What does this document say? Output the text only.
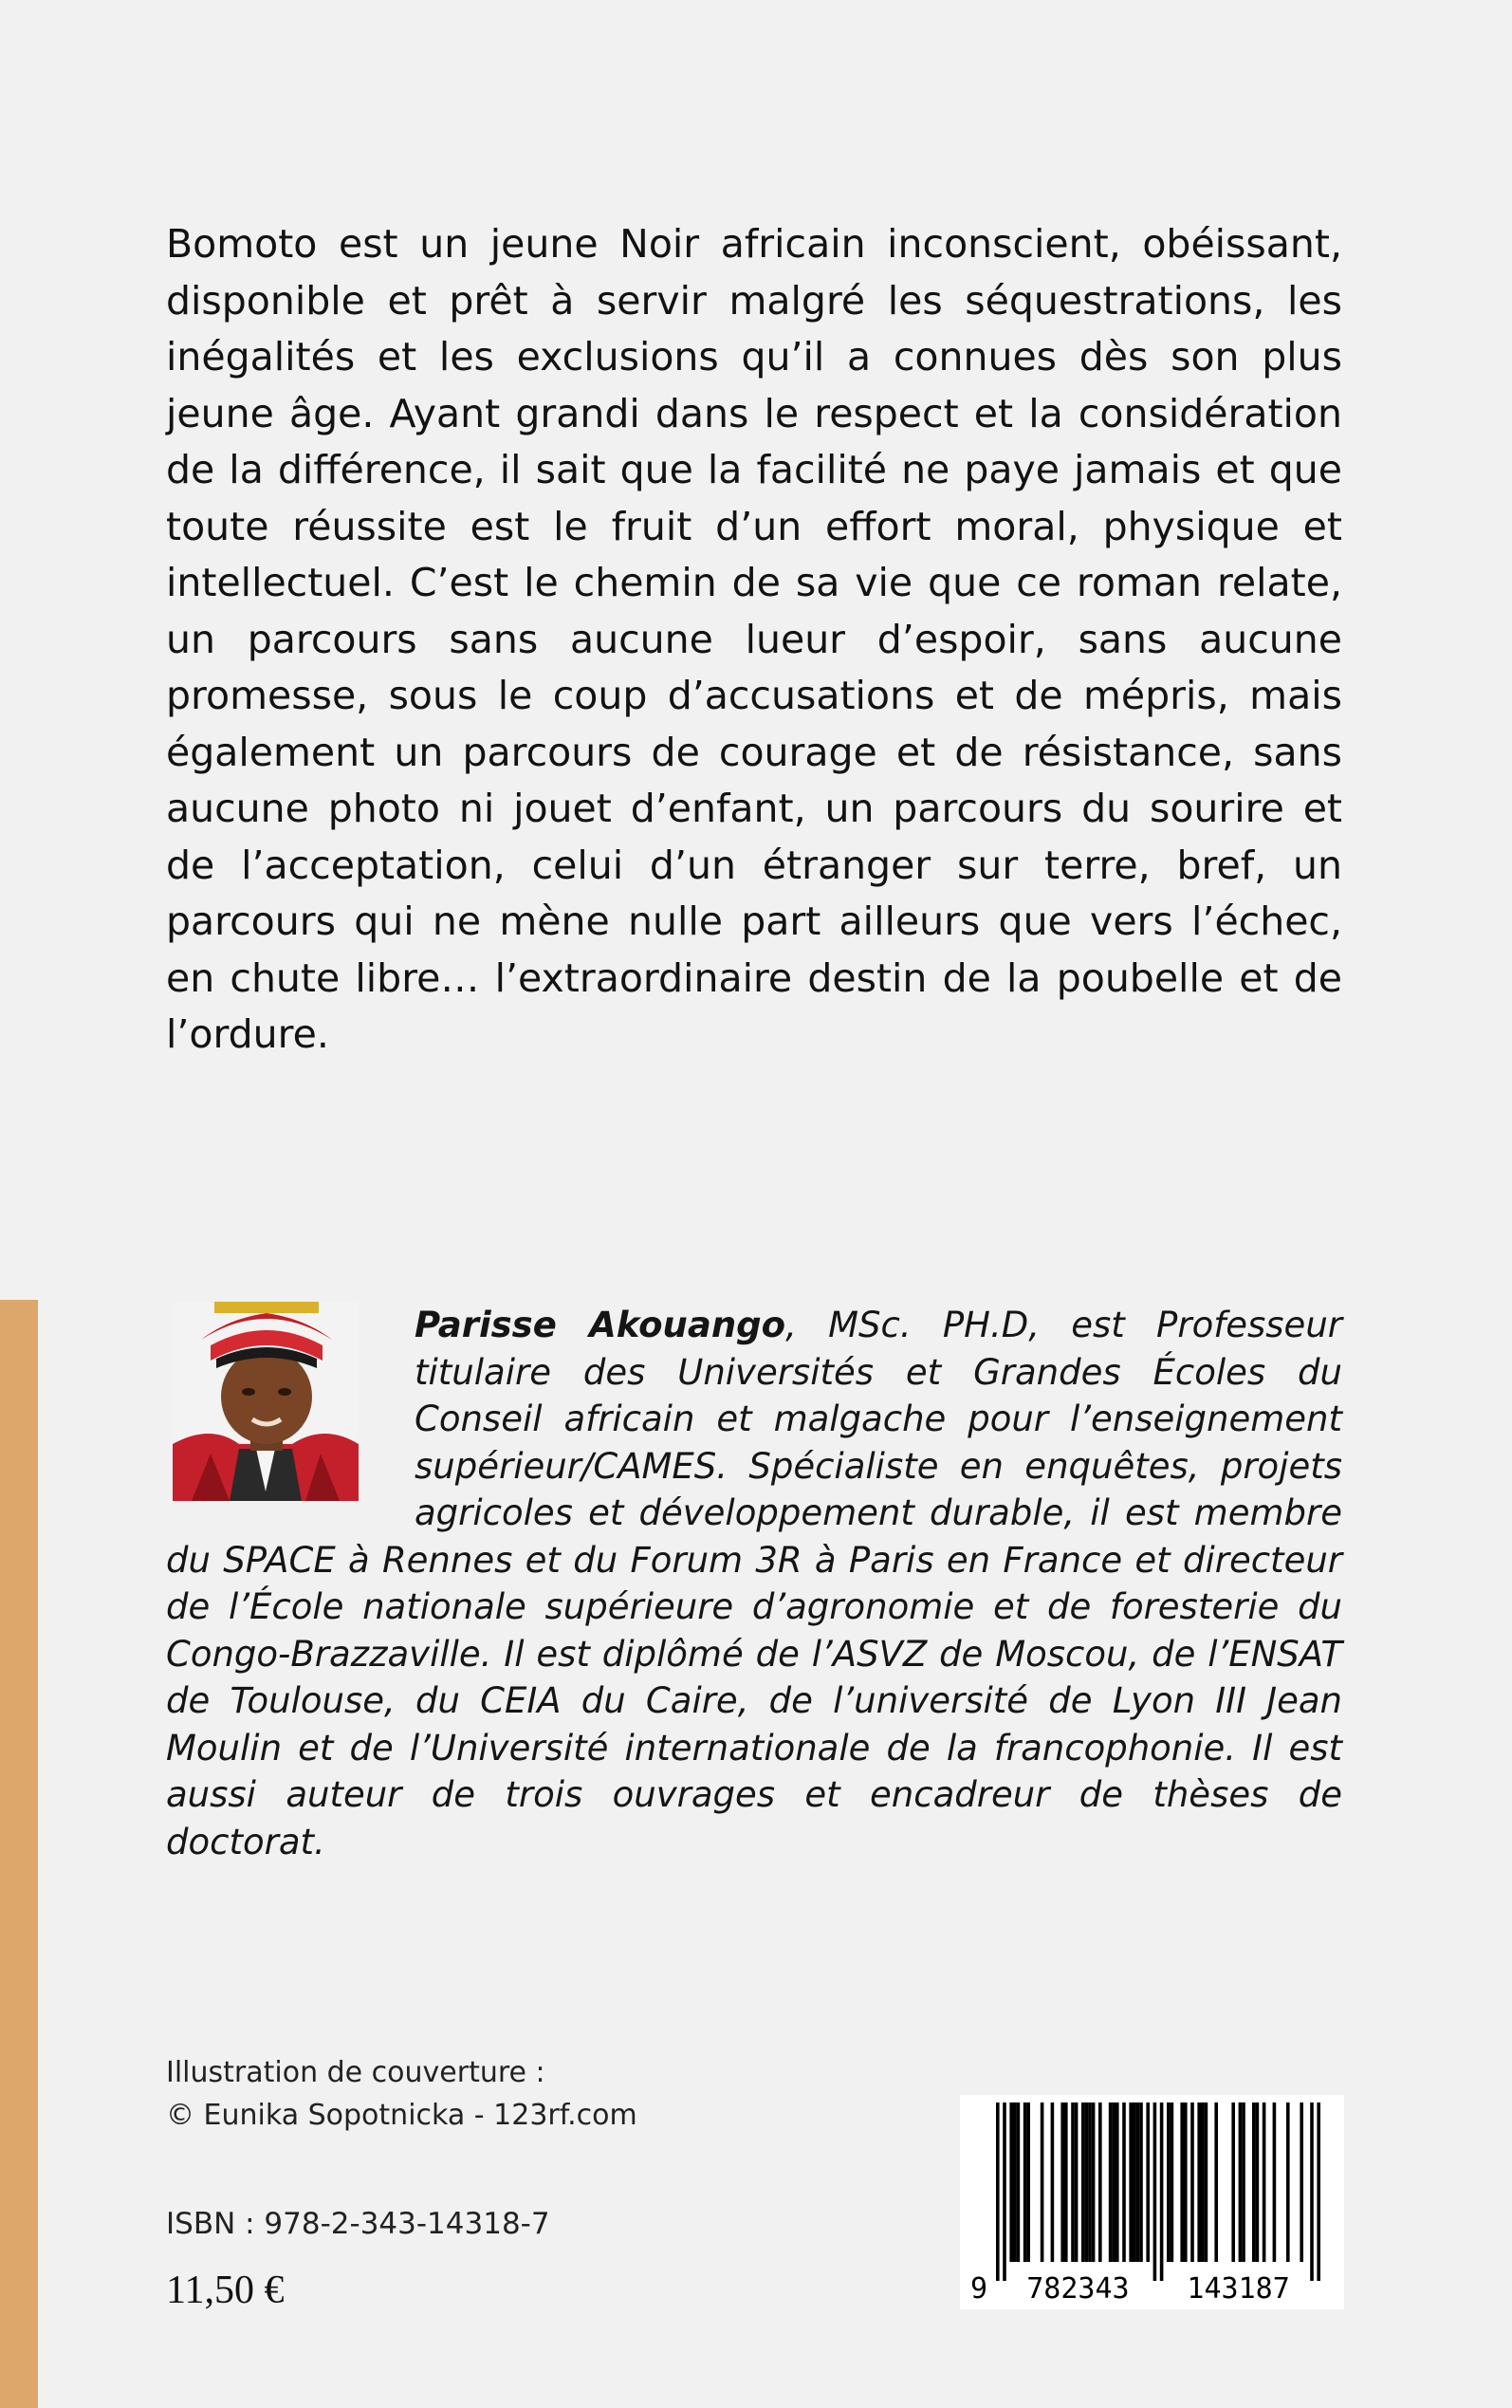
Bomoto est un jeune Noir africain inconscient, obéissant, disponible et prêt à servir malgré les séquestrations, les inégalités et les exclusions qu’il a connues dès son plus jeune âge. Ayant grandi dans le respect et la considération de la différence, il sait que la facilité ne paye jamais et que toute réussite est le fruit d’un effort moral, physique et intellectuel. C’est le chemin de sa vie que ce roman relate, un parcours sans aucune lueur d’espoir, sans aucune promesse, sous le coup d’accusations et de mépris, mais également un parcours de courage et de résistance, sans aucune photo ni jouet d’enfant, un parcours du sourire et de l’acceptation, celui d’un étranger sur terre, bref, un parcours qui ne mène nulle part ailleurs que vers l’échec, en chute libre… l’extraordinaire destin de la poubelle et de l’ordure.

Parisse Akouango, MSc. PH.D, est Professeur titulaire des Universités et Grandes Écoles du Conseil africain et malgache pour l’enseignement supérieur/CAMES. Spécialiste en enquêtes, projets agricoles et développement durable, il est membre du SPACE à Rennes et du Forum 3R à Paris en France et directeur de l’École nationale supérieure d’agronomie et de foresterie du Congo-Brazzaville. Il est diplômé de l’ASVZ de Moscou, de l’ENSAT de Toulouse, du CEIA du Caire, de l’université de Lyon III Jean Moulin et de l’Université internationale de la francophonie. Il est aussi auteur de trois ouvrages et encadreur de thèses de doctorat.

Illustration de couverture :
© Eunika Sopotnicka - 123rf.com
ISBN : 978-2-343-14318-7
11,50 €	9 782343 143187
